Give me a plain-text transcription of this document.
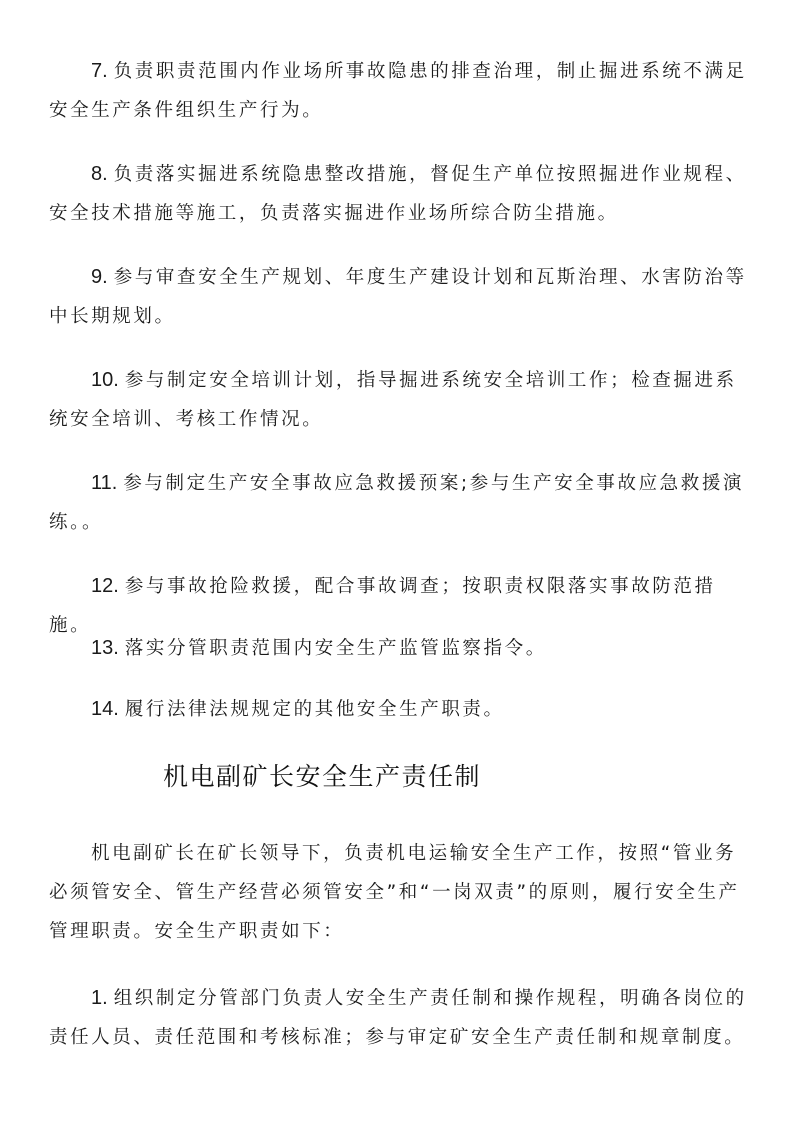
7. 负责职责范围内作业场所事故隐患的排查治理，制止掘进系统不满足安全生产条件组织生产行为。

8. 负责落实掘进系统隐患整改措施，督促生产单位按照掘进作业规程、安全技术措施等施工，负责落实掘进作业场所综合防尘措施。

9. 参与审查安全生产规划、年度生产建设计划和瓦斯治理、水害防治等中长期规划。

10. 参与制定安全培训计划，指导掘进系统安全培训工作；检查掘进系统安全培训、考核工作情况。

11. 参与制定生产安全事故应急救援预案;参与生产安全事故应急救援演练。。

12. 参与事故抢险救援，配合事故调查；按职责权限落实事故防范措施。

13. 落实分管职责范围内安全生产监管监察指令。

14. 履行法律法规规定的其他安全生产职责。

机电副矿长安全生产责任制

机电副矿长在矿长领导下，负责机电运输安全生产工作，按照“管业务必须管安全、管生产经营必须管安全”和“一岗双责”的原则，履行安全生产管理职责。安全生产职责如下：

1. 组织制定分管部门负责人安全生产责任制和操作规程，明确各岗位的责任人员、责任范围和考核标准；参与审定矿安全生产责任制和规章制度。
